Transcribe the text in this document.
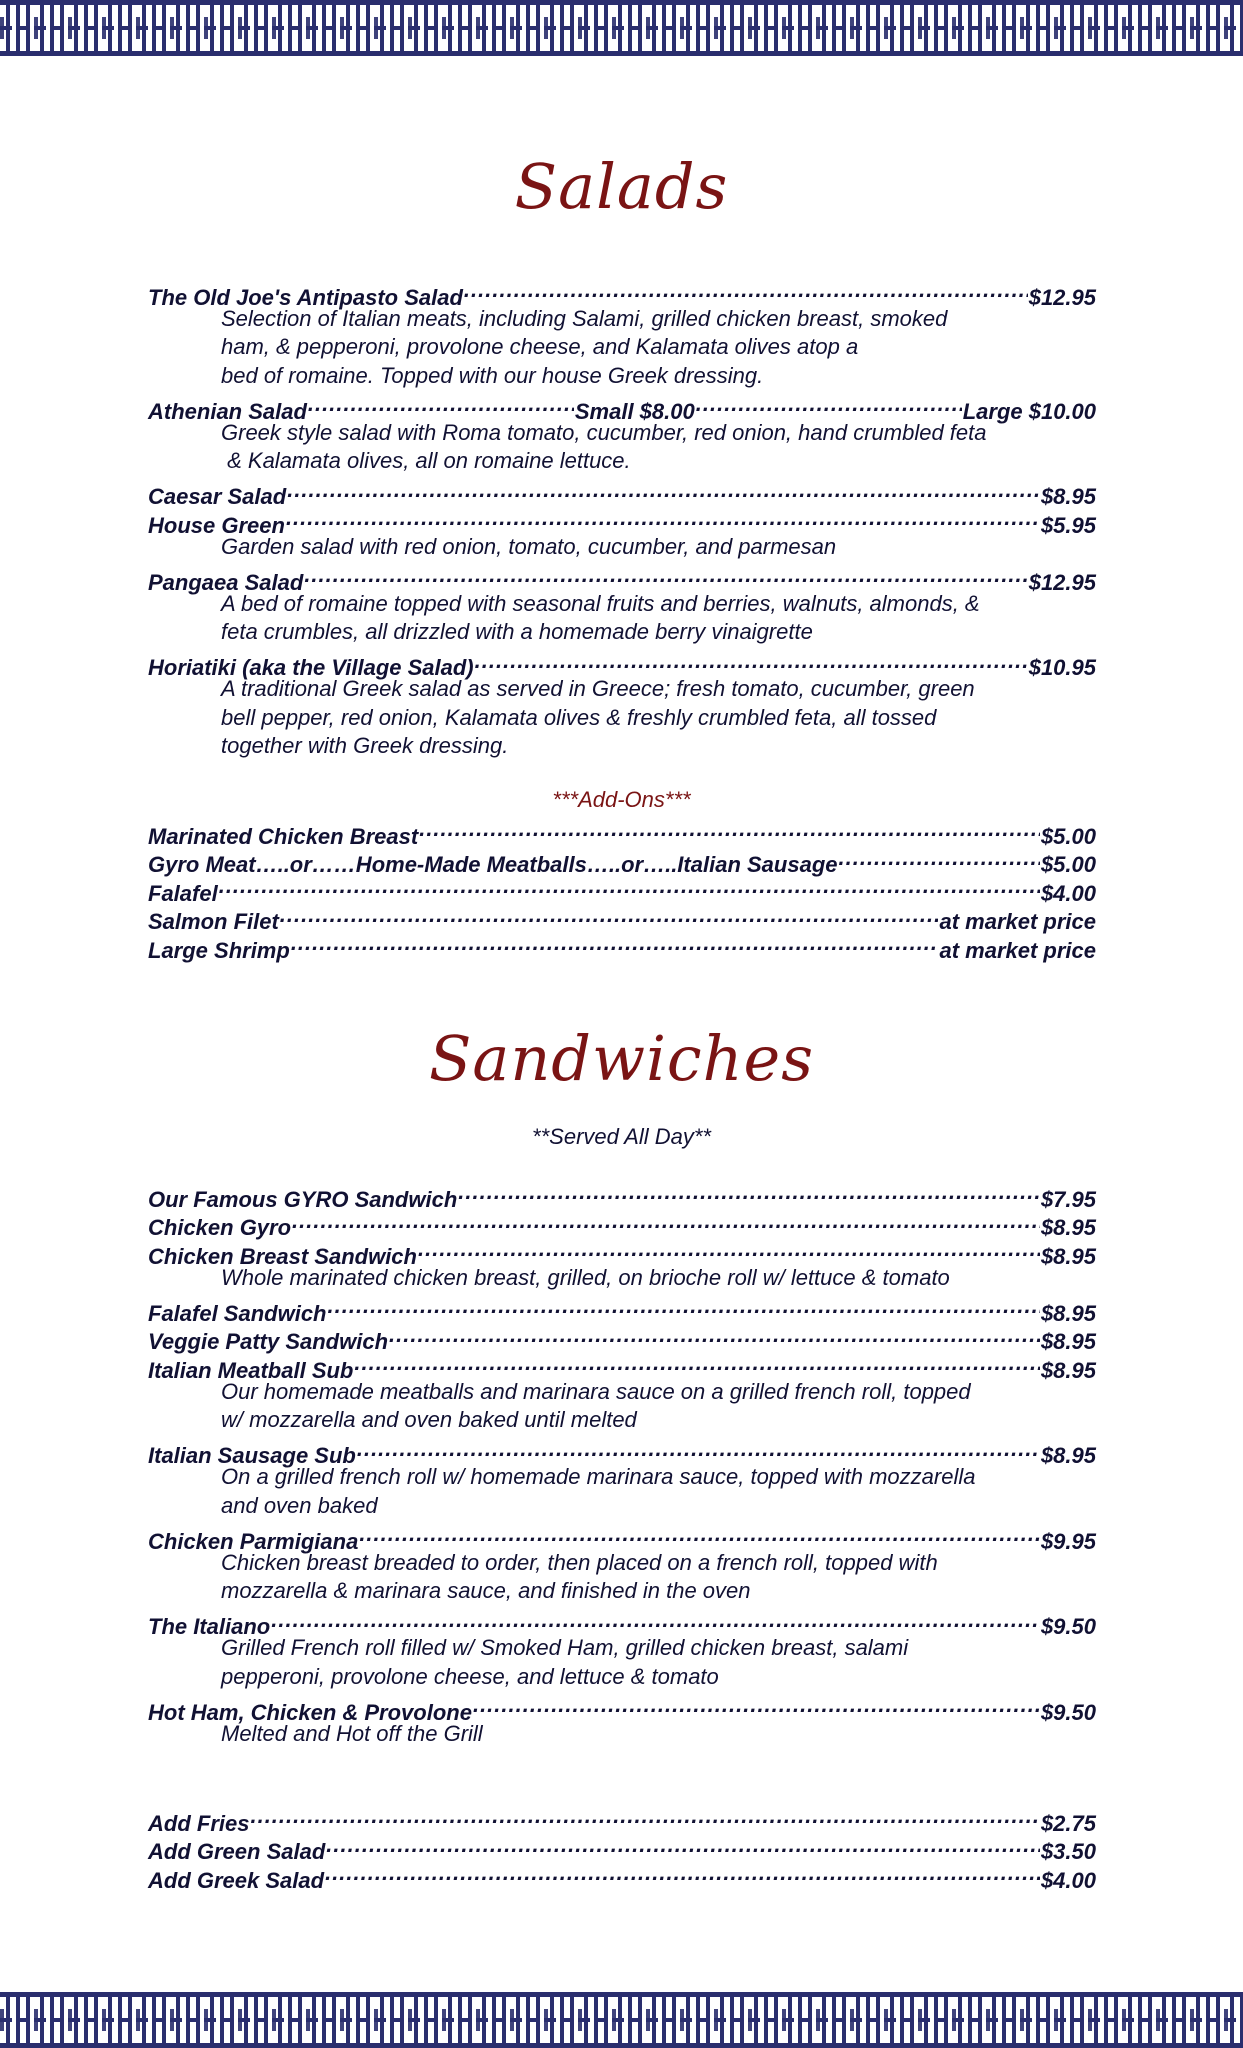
Salads
The Old Joe's Antipasto Salad .....	$12.95
Selection of Italian meats, including Salami, grilled chicken breast, smoked
ham, & pepperoni, provolone cheese, and Kalamata olives atop a
bed of romaine. Topped with our house Greek dressing.
Athenian Salad .....	Small $8.00 .....	Large $10.00
Greek style salad with Roma tomato, cucumber, red onion, hand crumbled feta
& Kalamata olives, all on romaine lettuce.
Caesar Salad .....	$8.95
House Green .....	$5.95
Garden salad with red onion, tomato, cucumber, and parmesan
Pangaea Salad .....	$12.95
A bed of romaine topped with seasonal fruits and berries, walnuts, almonds, &
feta crumbles, all drizzled with a homemade berry vinaigrette
Horiatiki (aka the Village Salad) .....	$10.95
A traditional Greek salad as served in Greece; fresh tomato, cucumber, green
bell pepper, red onion, Kalamata olives & freshly crumbled feta, all tossed
together with Greek dressing.
***Add-Ons***
Marinated Chicken Breast .....	$5.00
Gyro Meat…..or……Home-Made Meatballs…..or…..Italian Sausage .....	$5.00
Falafel .....	$4.00
Salmon Filet .....	at market price
Large Shrimp .....	at market price
Sandwiches
**Served All Day**
Our Famous GYRO Sandwich .....	$7.95
Chicken Gyro .....	$8.95
Chicken Breast Sandwich .....	$8.95
Whole marinated chicken breast, grilled, on brioche roll w/ lettuce & tomato
Falafel Sandwich .....	$8.95
Veggie Patty Sandwich .....	$8.95
Italian Meatball Sub .....	$8.95
Our homemade meatballs and marinara sauce on a grilled french roll, topped
w/ mozzarella and oven baked until melted
Italian Sausage Sub .....	$8.95
On a grilled french roll w/ homemade marinara sauce, topped with mozzarella
and oven baked
Chicken Parmigiana .....	$9.95
Chicken breast breaded to order, then placed on a french roll, topped with
mozzarella & marinara sauce, and finished in the oven
The Italiano .....	$9.50
Grilled French roll filled w/ Smoked Ham, grilled chicken breast, salami
pepperoni, provolone cheese, and lettuce & tomato
Hot Ham, Chicken & Provolone .....	$9.50
Melted and Hot off the Grill
Add Fries .....	$2.75
Add Green Salad .....	$3.50
Add Greek Salad .....	$4.00
